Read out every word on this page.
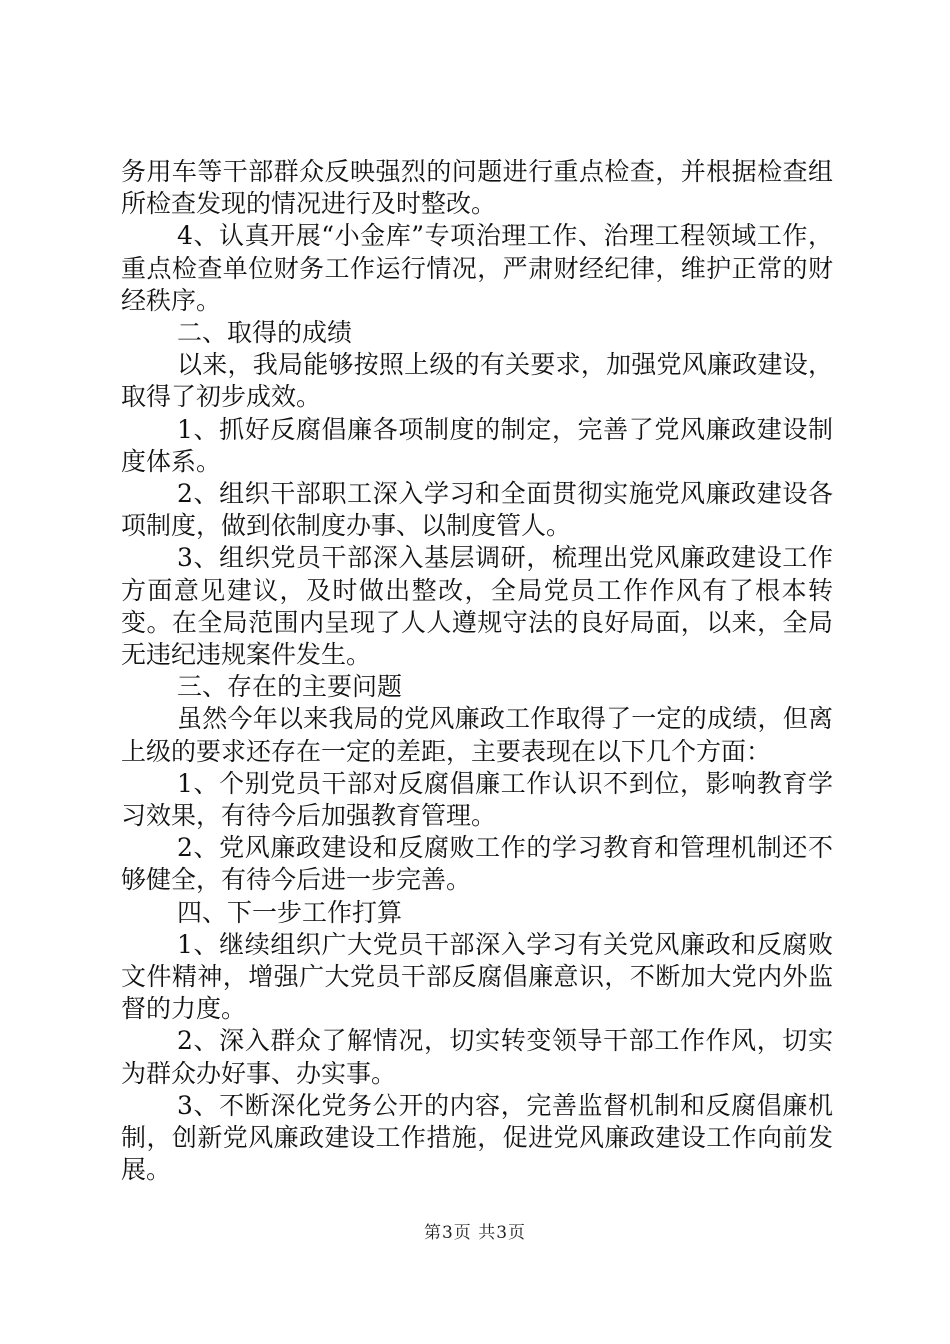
务用车等干部群众反映强烈的问题进行重点检查，并根据检查组所检查发现的情况进行及时整改。

4、认真开展“小金库”专项治理工作、治理工程领域工作，重点检查单位财务工作运行情况，严肃财经纪律，维护正常的财经秩序。

二、取得的成绩

以来，我局能够按照上级的有关要求，加强党风廉政建设，取得了初步成效。

1、抓好反腐倡廉各项制度的制定，完善了党风廉政建设制度体系。

2、组织干部职工深入学习和全面贯彻实施党风廉政建设各项制度，做到依制度办事、以制度管人。

3、组织党员干部深入基层调研，梳理出党风廉政建设工作方面意见建议，及时做出整改，全局党员工作作风有了根本转变。在全局范围内呈现了人人遵规守法的良好局面，以来，全局无违纪违规案件发生。

三、存在的主要问题

虽然今年以来我局的党风廉政工作取得了一定的成绩，但离上级的要求还存在一定的差距，主要表现在以下几个方面：

1、个别党员干部对反腐倡廉工作认识不到位，影响教育学习效果，有待今后加强教育管理。

2、党风廉政建设和反腐败工作的学习教育和管理机制还不够健全，有待今后进一步完善。

四、下一步工作打算

1、继续组织广大党员干部深入学习有关党风廉政和反腐败文件精神，增强广大党员干部反腐倡廉意识，不断加大党内外监督的力度。

2、深入群众了解情况，切实转变领导干部工作作风，切实为群众办好事、办实事。

3、不断深化党务公开的内容，完善监督机制和反腐倡廉机制，创新党风廉政建设工作措施，促进党风廉政建设工作向前发展。

第3页 共3页
